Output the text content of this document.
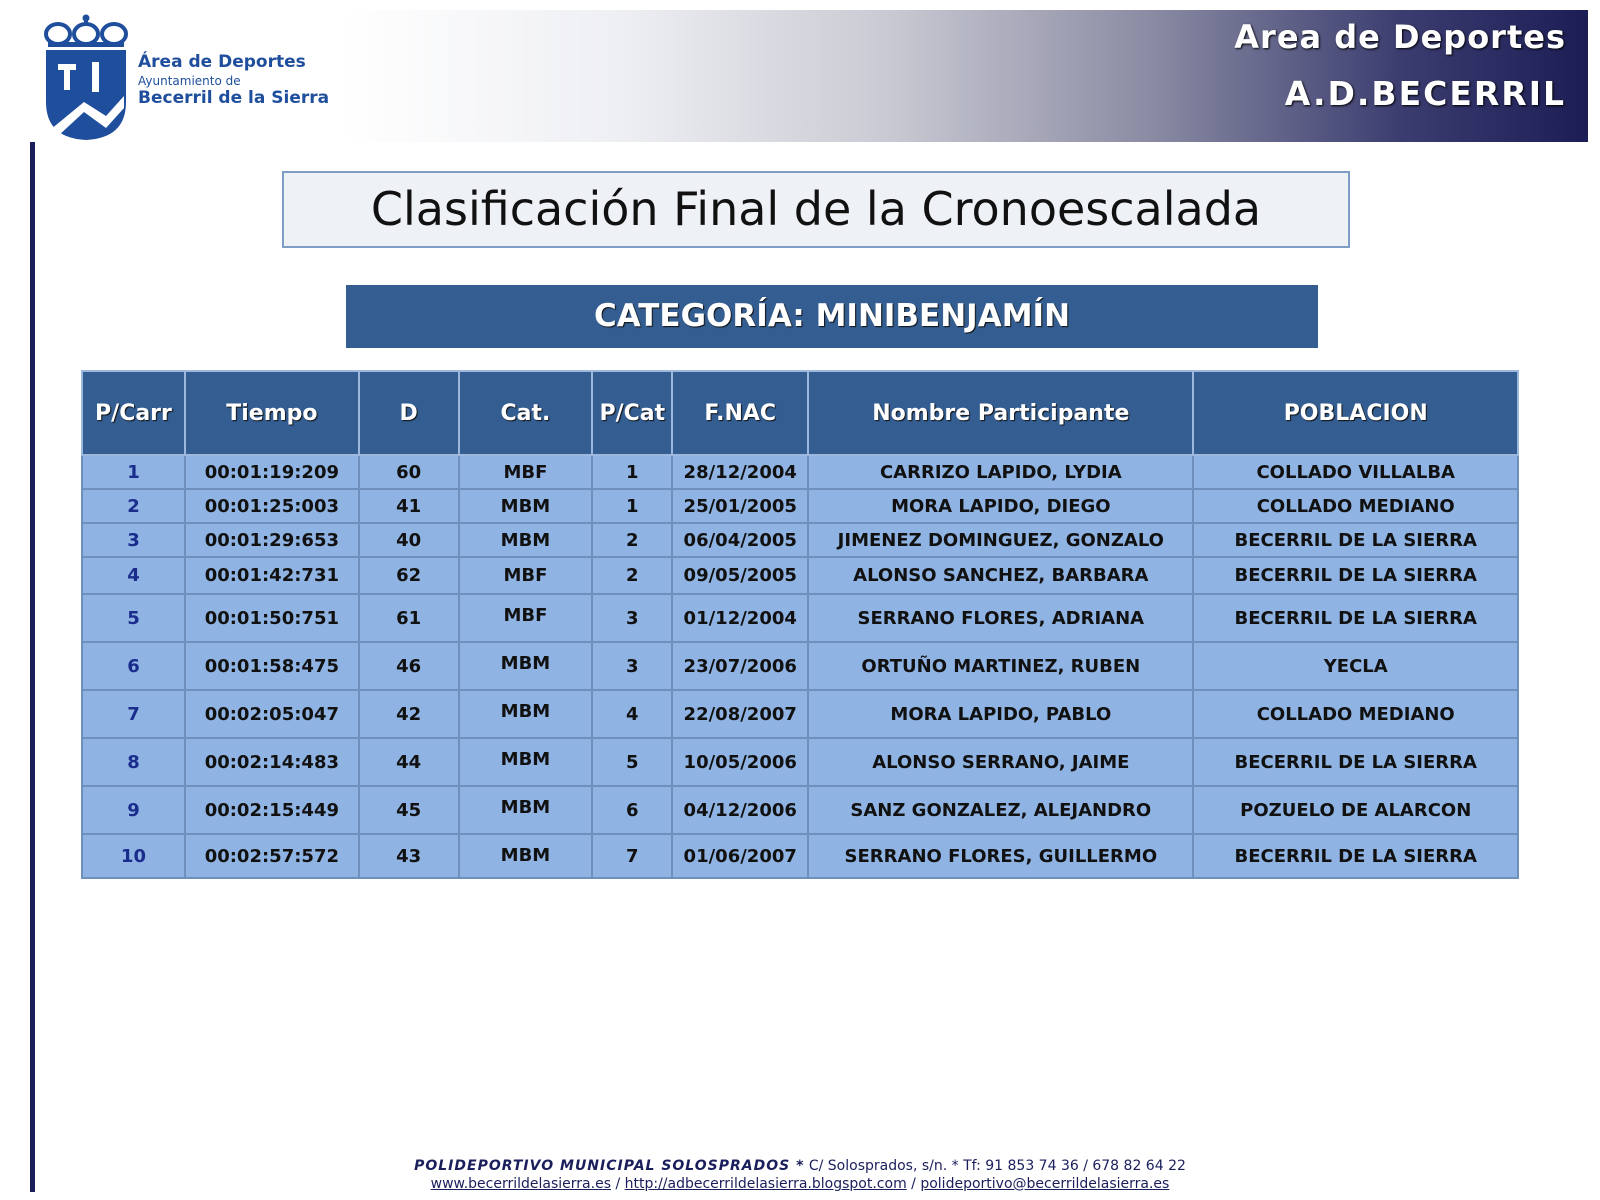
Área de Deportes
Ayuntamiento de
Becerril de la Sierra
Area de Deportes
A.D.BECERRIL
Clasificación Final de la Cronoescalada
CATEGORÍA: MINIBENJAMÍN
P/Carr	Tiempo	D	Cat.	P/Cat	F.NAC	Nombre Participante	POBLACION
1	00:01:19:209	60	MBF	1	28/12/2004	CARRIZO LAPIDO, LYDIA	COLLADO VILLALBA
2	00:01:25:003	41	MBM	1	25/01/2005	MORA LAPIDO, DIEGO	COLLADO MEDIANO
3	00:01:29:653	40	MBM	2	06/04/2005	JIMENEZ DOMINGUEZ, GONZALO	BECERRIL DE LA SIERRA
4	00:01:42:731	62	MBF	2	09/05/2005	ALONSO SANCHEZ, BARBARA	BECERRIL DE LA SIERRA
5	00:01:50:751	61	MBF	3	01/12/2004	SERRANO FLORES, ADRIANA	BECERRIL DE LA SIERRA
6	00:01:58:475	46	MBM	3	23/07/2006	ORTUÑO MARTINEZ, RUBEN	YECLA
7	00:02:05:047	42	MBM	4	22/08/2007	MORA LAPIDO, PABLO	COLLADO MEDIANO
8	00:02:14:483	44	MBM	5	10/05/2006	ALONSO SERRANO, JAIME	BECERRIL DE LA SIERRA
9	00:02:15:449	45	MBM	6	04/12/2006	SANZ GONZALEZ, ALEJANDRO	POZUELO DE ALARCON
10	00:02:57:572	43	MBM	7	01/06/2007	SERRANO FLORES, GUILLERMO	BECERRIL DE LA SIERRA
POLIDEPORTIVO MUNICIPAL SOLOSPRADOS * C/ Solosprados, s/n. * Tf: 91 853 74 36 / 678 82 64 22
www.becerrildelasierra.es / http://adbecerrildelasierra.blogspot.com / polideportivo@becerrildelasierra.es
